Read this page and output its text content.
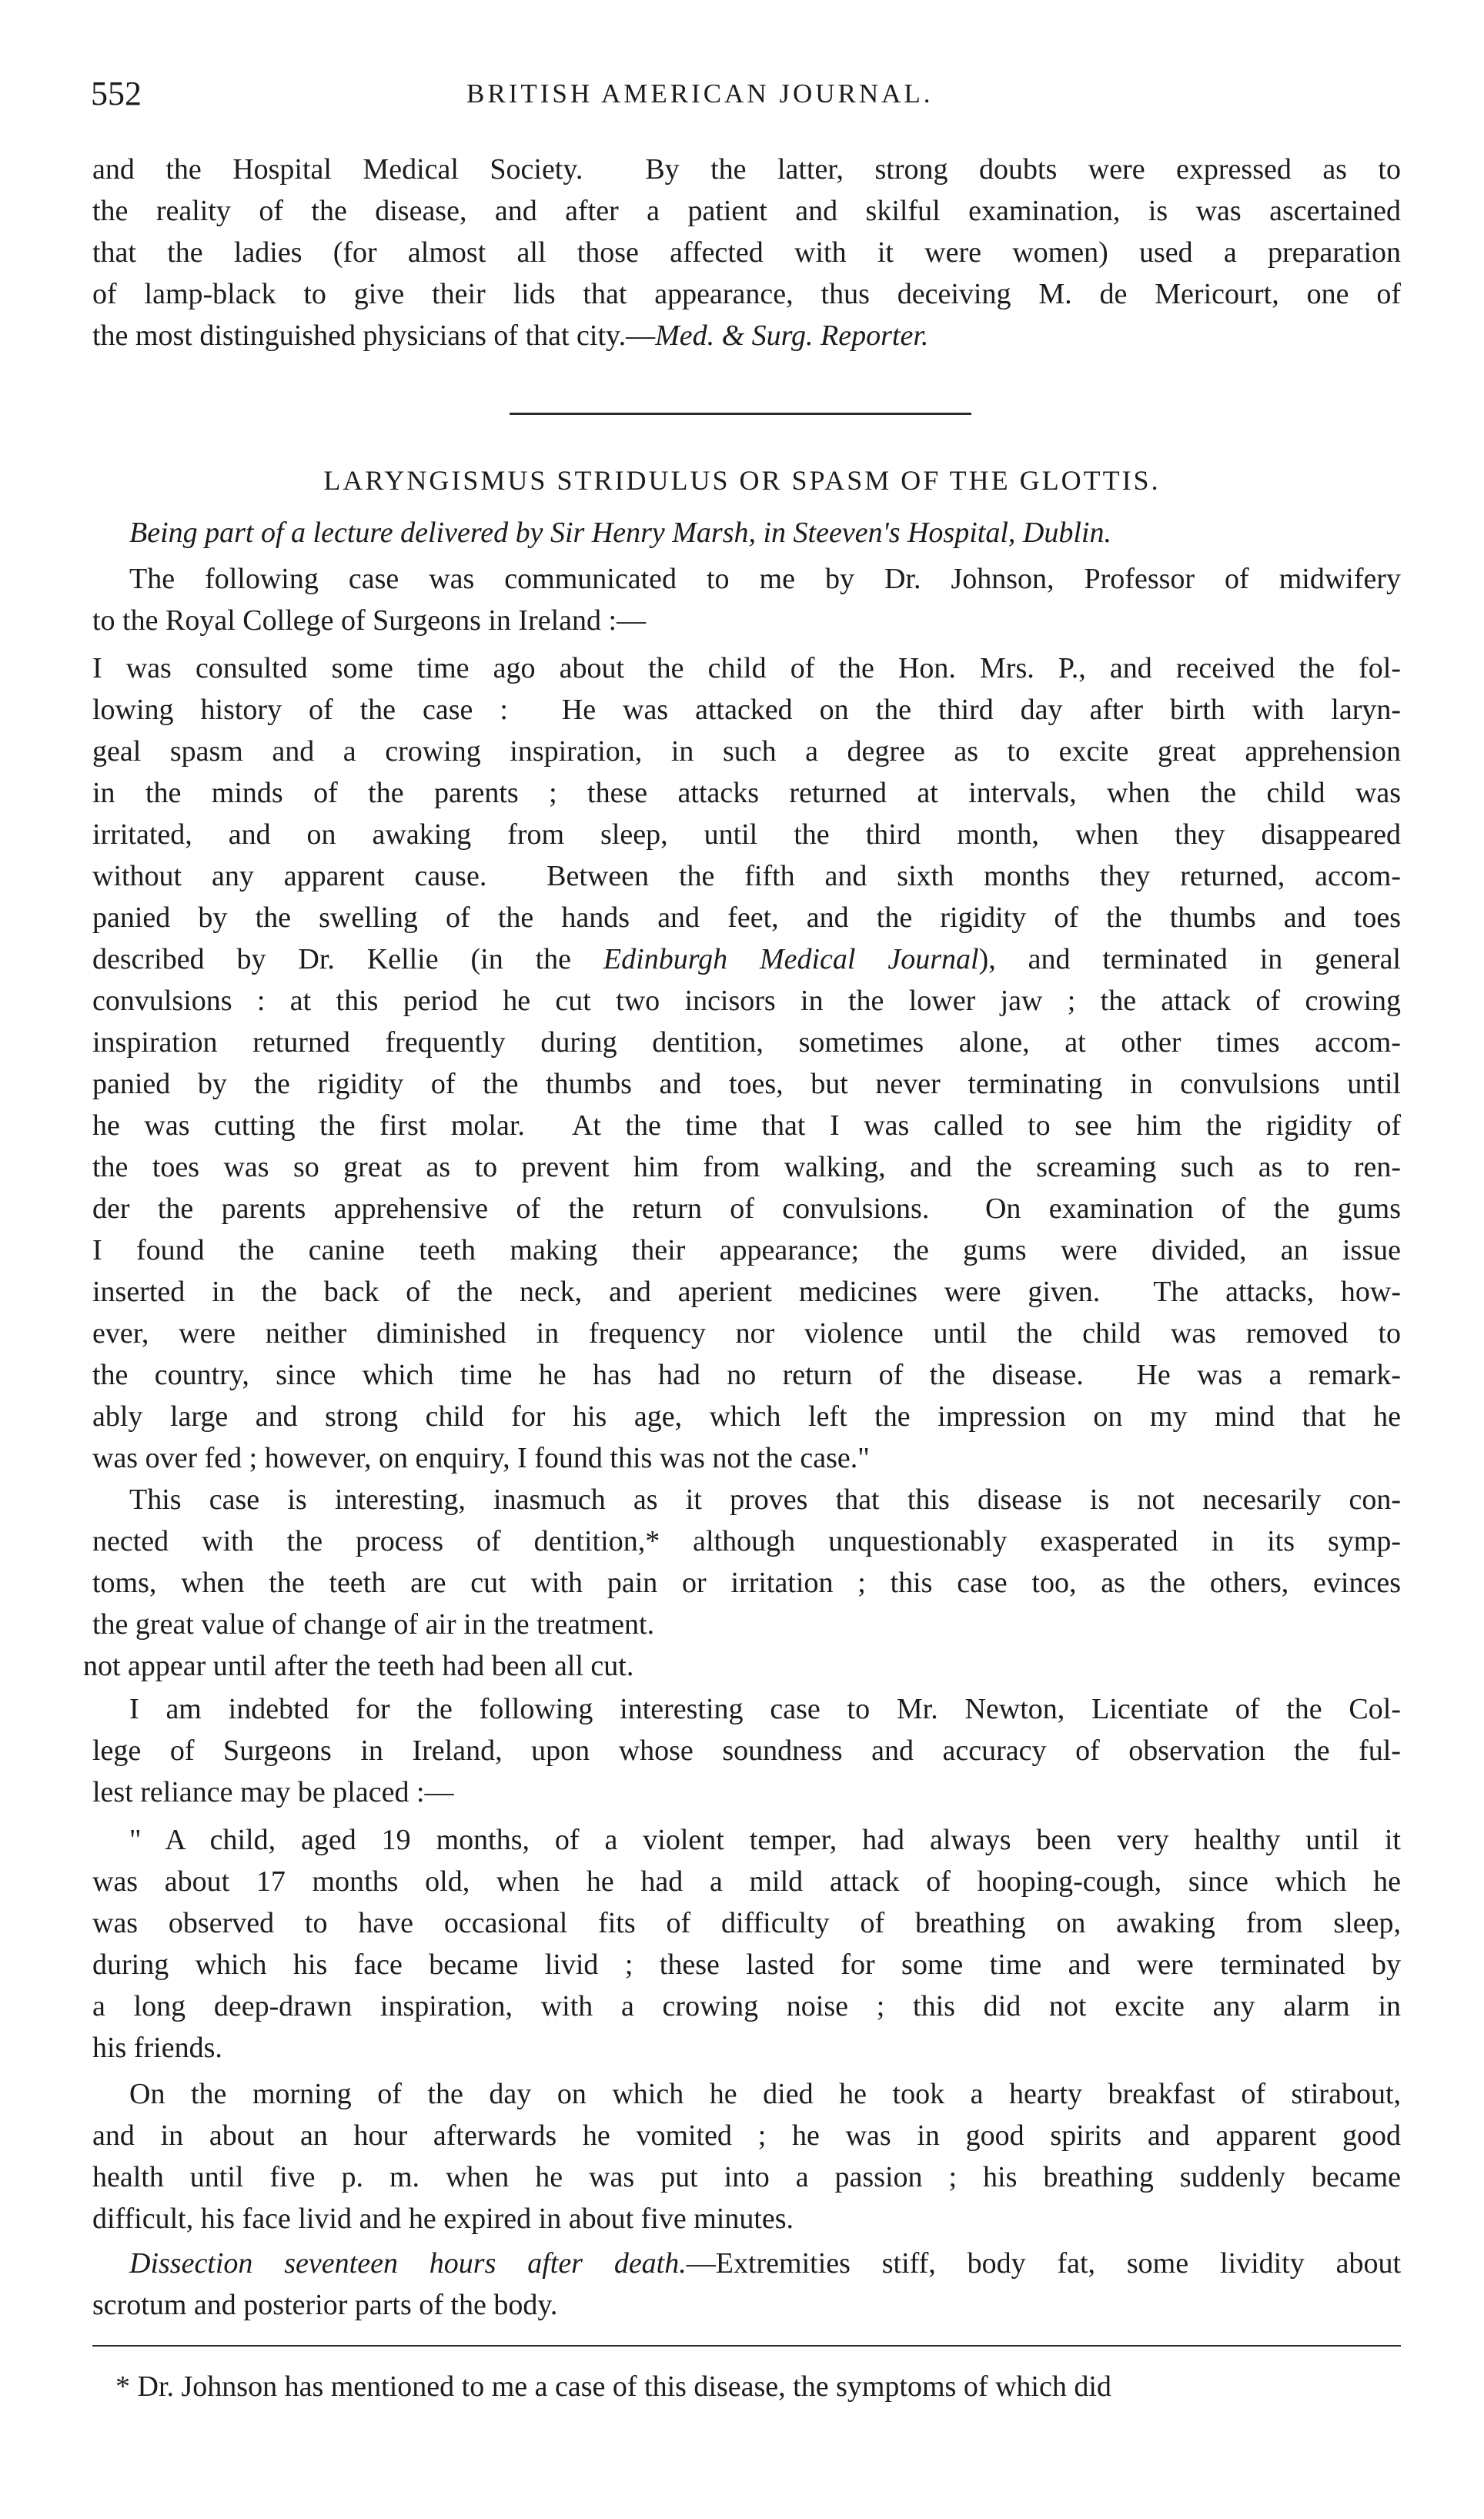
552	BRITISH AMERICAN JOURNAL.
and the Hospital Medical Society.  By the latter, strong doubts were expressed as to
the reality of the disease, and after a patient and skilful examination, is was ascertained
that the ladies (for almost all those affected with it were women) used a preparation
of lamp-black to give their lids that appearance, thus deceiving M. de Mericourt, one of
the most distinguished physicians of that city.—Med. & Surg. Reporter.
LARYNGISMUS STRIDULUS OR SPASM OF THE GLOTTIS.
Being part of a lecture delivered by Sir Henry Marsh, in Steeven's Hospital, Dublin.
The following case was communicated to me by Dr. Johnson, Professor of midwifery
to the Royal College of Surgeons in Ireland :—
I was consulted some time ago about the child of the Hon. Mrs. P., and received the fol-
lowing history of the case :  He was attacked on the third day after birth with laryn-
geal spasm and a crowing inspiration, in such a degree as to excite great apprehension
in the minds of the parents ; these attacks returned at intervals, when the child was
irritated, and on awaking from sleep, until the third month, when they disappeared
without any apparent cause.  Between the fifth and sixth months they returned, accom-
panied by the swelling of the hands and feet, and the rigidity of the thumbs and toes
described by Dr. Kellie (in the Edinburgh Medical Journal), and terminated in general
convulsions : at this period he cut two incisors in the lower jaw ; the attack of crowing
inspiration returned frequently during dentition, sometimes alone, at other times accom-
panied by the rigidity of the thumbs and toes, but never terminating in convulsions until
he was cutting the first molar.  At the time that I was called to see him the rigidity of
the toes was so great as to prevent him from walking, and the screaming such as to ren-
der the parents apprehensive of the return of convulsions.  On examination of the gums
I found the canine teeth making their appearance; the gums were divided, an issue
inserted in the back of the neck, and aperient medicines were given.  The attacks, how-
ever, were neither diminished in frequency nor violence until the child was removed to
the country, since which time he has had no return of the disease.  He was a remark-
ably large and strong child for his age, which left the impression on my mind that he
was over fed ; however, on enquiry, I found this was not the case."
This case is interesting, inasmuch as it proves that this disease is not necesarily con-
nected with the process of dentition,* although unquestionably exasperated in its symp-
toms, when the teeth are cut with pain or irritation ; this case too, as the others, evinces
the great value of change of air in the treatment.
not appear until after the teeth had been all cut.
I am indebted for the following interesting case to Mr. Newton, Licentiate of the Col-
lege of Surgeons in Ireland, upon whose soundness and accuracy of observation the ful-
lest reliance may be placed :—
" A child, aged 19 months, of a violent temper, had always been very healthy until it
was about 17 months old, when he had a mild attack of hooping-cough, since which he
was observed to have occasional fits of difficulty of breathing on awaking from sleep,
during which his face became livid ; these lasted for some time and were terminated by
a long deep-drawn inspiration, with a crowing noise ; this did not excite any alarm in
his friends.
On the morning of the day on which he died he took a hearty breakfast of stirabout,
and in about an hour afterwards he vomited ; he was in good spirits and apparent good
health until five p. m. when he was put into a passion ; his breathing suddenly became
difficult, his face livid and he expired in about five minutes.
Dissection seventeen hours after death.—Extremities stiff, body fat, some lividity about
scrotum and posterior parts of the body.
* Dr. Johnson has mentioned to me a case of this disease, the symptoms of which did
